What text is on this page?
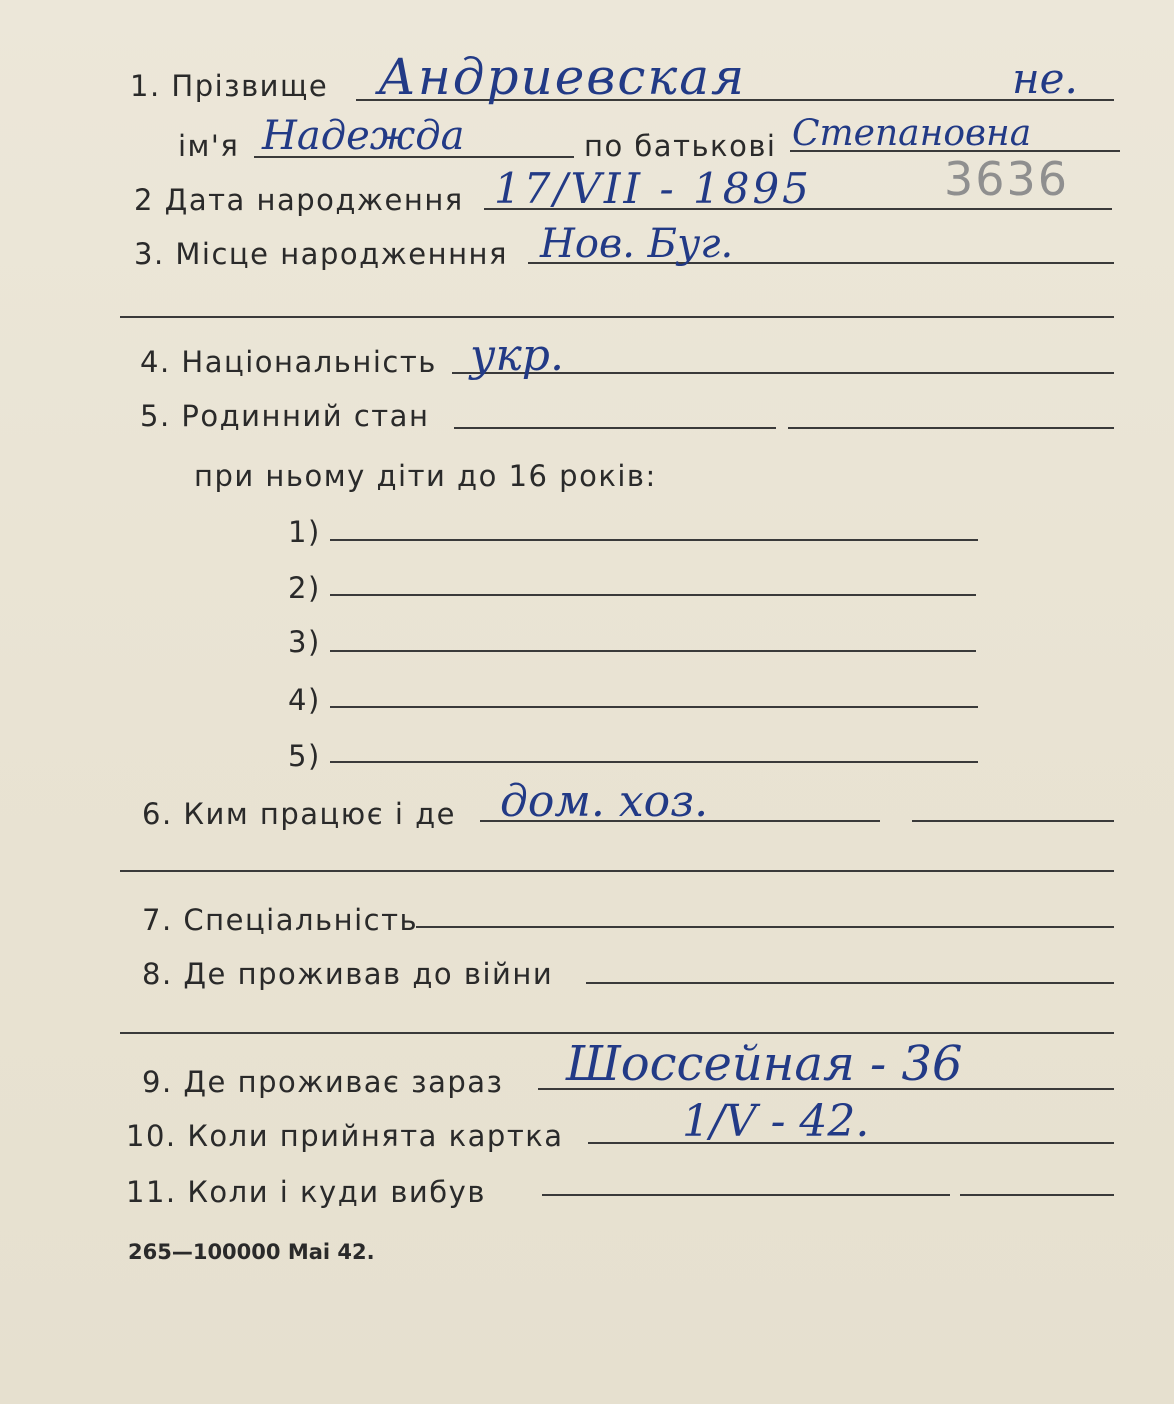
1. Прізвище Андриевская	не.
ім'я Надежда	по батькові Степановна
2 Дата народження 17/VII - 1895	3636
3. Місце народженння Нов. Буг.
4. Національність укр.
5. Родинний стан
при ньому діти до 16 років:
1)
2)
3)
4)
5)
6. Ким працює і де дом. хоз.
7. Спеціальність
8. Де проживав до війни
9. Де проживає зараз Шоссейная - 36
10. Коли прийнята картка	1/V - 42.
11. Коли і куди вибув
265—100000 Mai 42.
